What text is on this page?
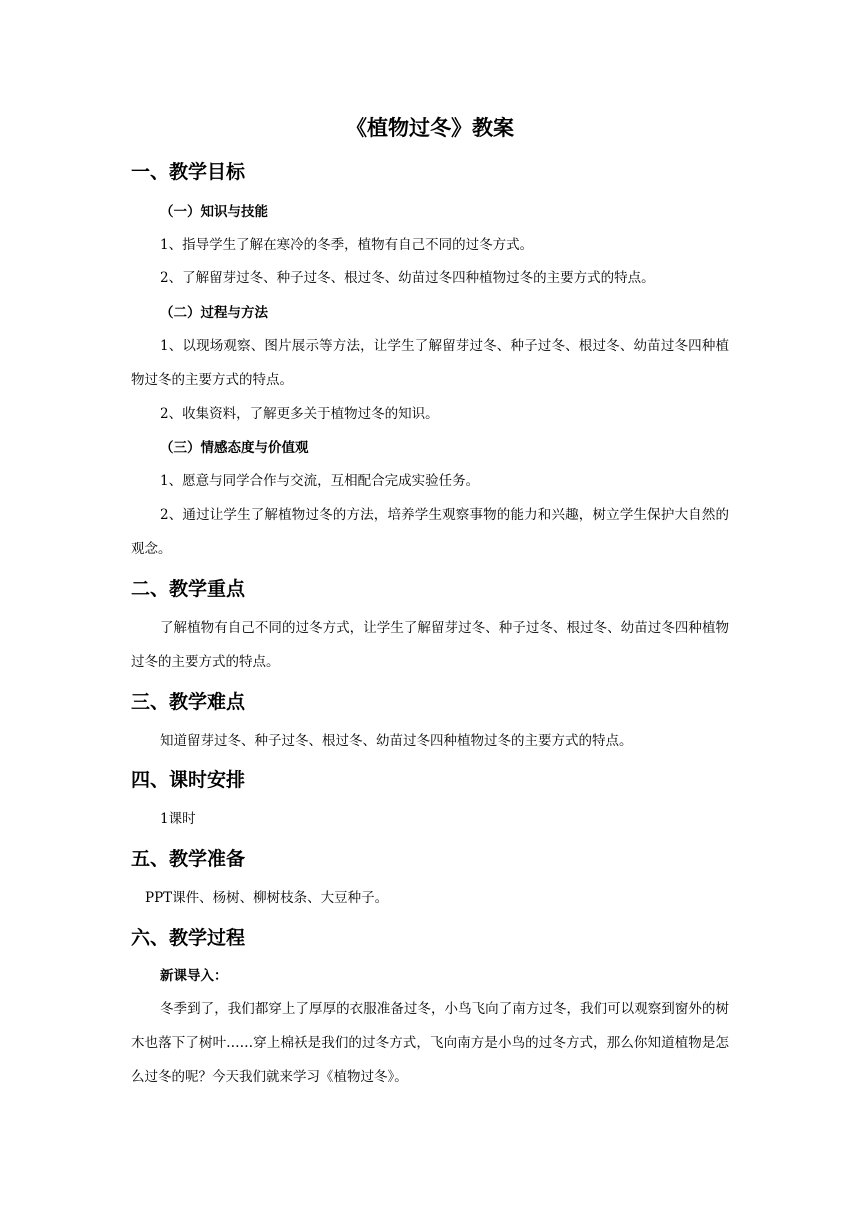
《植物过冬》教案
一、教学目标
（一）知识与技能
1、指导学生了解在寒冷的冬季，植物有自己不同的过冬方式。
2、了解留芽过冬、种子过冬、根过冬、幼苗过冬四种植物过冬的主要方式的特点。
（二）过程与方法
1、以现场观察、图片展示等方法，让学生了解留芽过冬、种子过冬、根过冬、幼苗过冬四种植物过冬的主要方式的特点。
2、收集资料，了解更多关于植物过冬的知识。
（三）情感态度与价值观
1、愿意与同学合作与交流，互相配合完成实验任务。
2、通过让学生了解植物过冬的方法，培养学生观察事物的能力和兴趣，树立学生保护大自然的观念。
二、教学重点
了解植物有自己不同的过冬方式，让学生了解留芽过冬、种子过冬、根过冬、幼苗过冬四种植物过冬的主要方式的特点。
三、教学难点
知道留芽过冬、种子过冬、根过冬、幼苗过冬四种植物过冬的主要方式的特点。
四、课时安排
1课时
五、教学准备
PPT课件、杨树、柳树枝条、大豆种子。
六、教学过程
新课导入：
冬季到了，我们都穿上了厚厚的衣服准备过冬，小鸟飞向了南方过冬，我们可以观察到窗外的树木也落下了树叶……穿上棉袄是我们的过冬方式，飞向南方是小鸟的过冬方式，那么你知道植物是怎么过冬的呢？今天我们就来学习《植物过冬》。
